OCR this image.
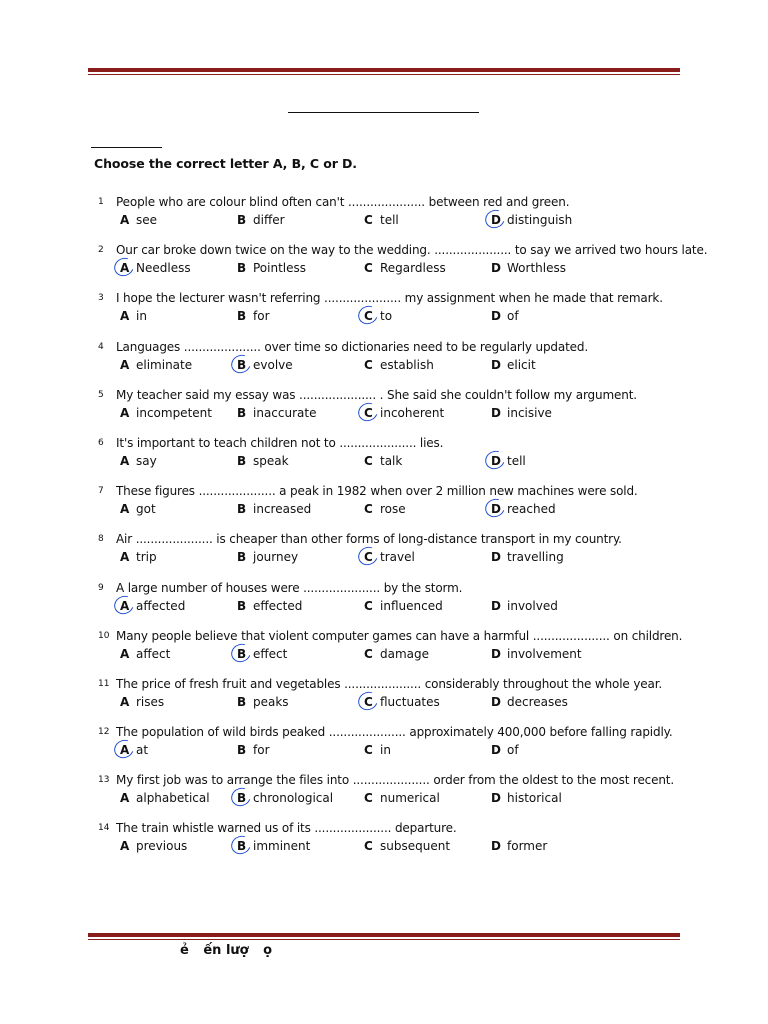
Choose the correct letter A, B, C or D.
1	People who are colour blind often can't ..................... between red and green.
A see	B differ	C tell	D distinguish
2	Our car broke down twice on the way to the wedding. ..................... to say we arrived two hours late.
A Needless	B Pointless	C Regardless	D Worthless
3	I hope the lecturer wasn't referring ..................... my assignment when he made that remark.
A in	B for	C to	D of
4	Languages ..................... over time so dictionaries need to be regularly updated.
A eliminate	B evolve	C establish	D elicit
5	My teacher said my essay was ..................... . She said she couldn't follow my argument.
A incompetent B inaccurate	C incoherent	D incisive
6	It's important to teach children not to ..................... lies.
A say	B speak	C talk	D tell
7	These figures ..................... a peak in 1982 when over 2 million new machines were sold.
A got	B increased	C rose	D reached
8	Air ..................... is cheaper than other forms of long-distance transport in my country.
A trip	B journey	C travel	D travelling
9	A large number of houses were ..................... by the storm.
A affected	B effected	C influenced	D involved
10 Many people believe that violent computer games can have a harmful ..................... on children.
A affect	B effect	C damage	D involvement
11 The price of fresh fruit and vegetables ..................... considerably throughout the whole year.
A rises	B peaks	C fluctuates	D decreases
12 The population of wild birds peaked ..................... approximately 400,000 before falling rapidly.
A at	B for	C in	D of
13 My first job was to arrange the files into ..................... order from the oldest to the most recent.
A alphabetical B chronological	C numerical	D historical
14 The train whistle warned us of its ..................... departure.
A previous	B imminent	C subsequent	D former
ẻ ến lượ ọ
